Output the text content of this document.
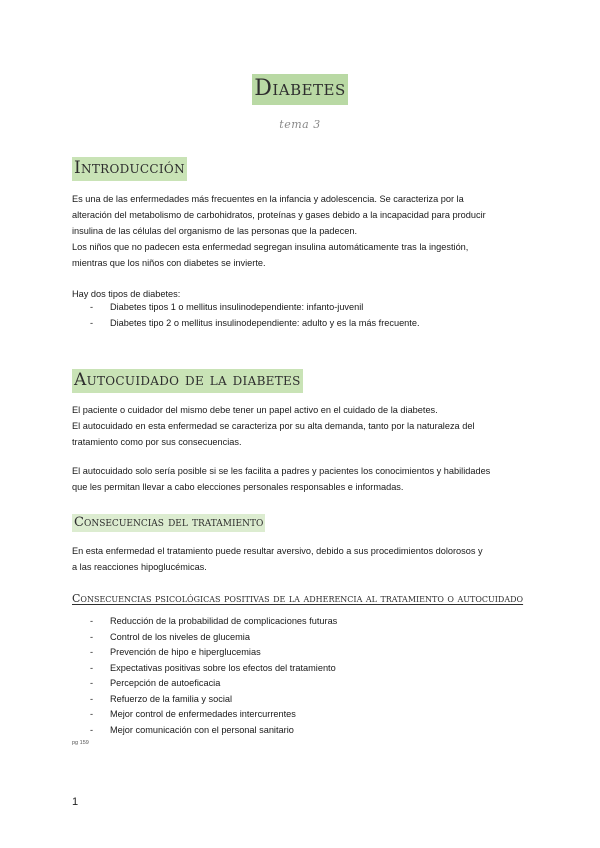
Diabetes
tema 3
Introducción

Es una de las enfermedades más frecuentes en la infancia y adolescencia. Se caracteriza por la
alteración del metabolismo de carbohidratos, proteínas y gases debido a la incapacidad para producir
insulina de las células del organismo de las personas que la padecen.
Los niños que no padecen esta enfermedad segregan insulina automáticamente tras la ingestión,
mientras que los niños con diabetes se invierte.

Hay dos tipos de diabetes:

- Diabetes tipos 1 o mellitus insulinodependiente: infanto-juvenil
- Diabetes tipo 2 o mellitus insulinodependiente: adulto y es la más frecuente.
Autocuidado de la diabetes

El paciente o cuidador del mismo debe tener un papel activo en el cuidado de la diabetes.
El autocuidado en esta enfermedad se caracteriza por su alta demanda, tanto por la naturaleza del
tratamiento como por sus consecuencias.

El autocuidado solo sería posible si se les facilita a padres y pacientes los conocimientos y habilidades
que les permitan llevar a cabo elecciones personales responsables e informadas.

Consecuencias del tratamiento

En esta enfermedad el tratamiento puede resultar aversivo, debido a sus procedimientos dolorosos y
a las reacciones hipoglucémicas.

Consecuencias psicológicas positivas de la adherencia al tratamiento o autocuidado
- Reducción de la probabilidad de complicaciones futuras
- Control de los niveles de glucemia
- Prevención de hipo e hiperglucemias
- Expectativas positivas sobre los efectos del tratamiento
- Percepción de autoeficacia
- Refuerzo de la familia y social
- Mejor control de enfermedades intercurrentes
- Mejor comunicación con el personal sanitario
pg 159
1
